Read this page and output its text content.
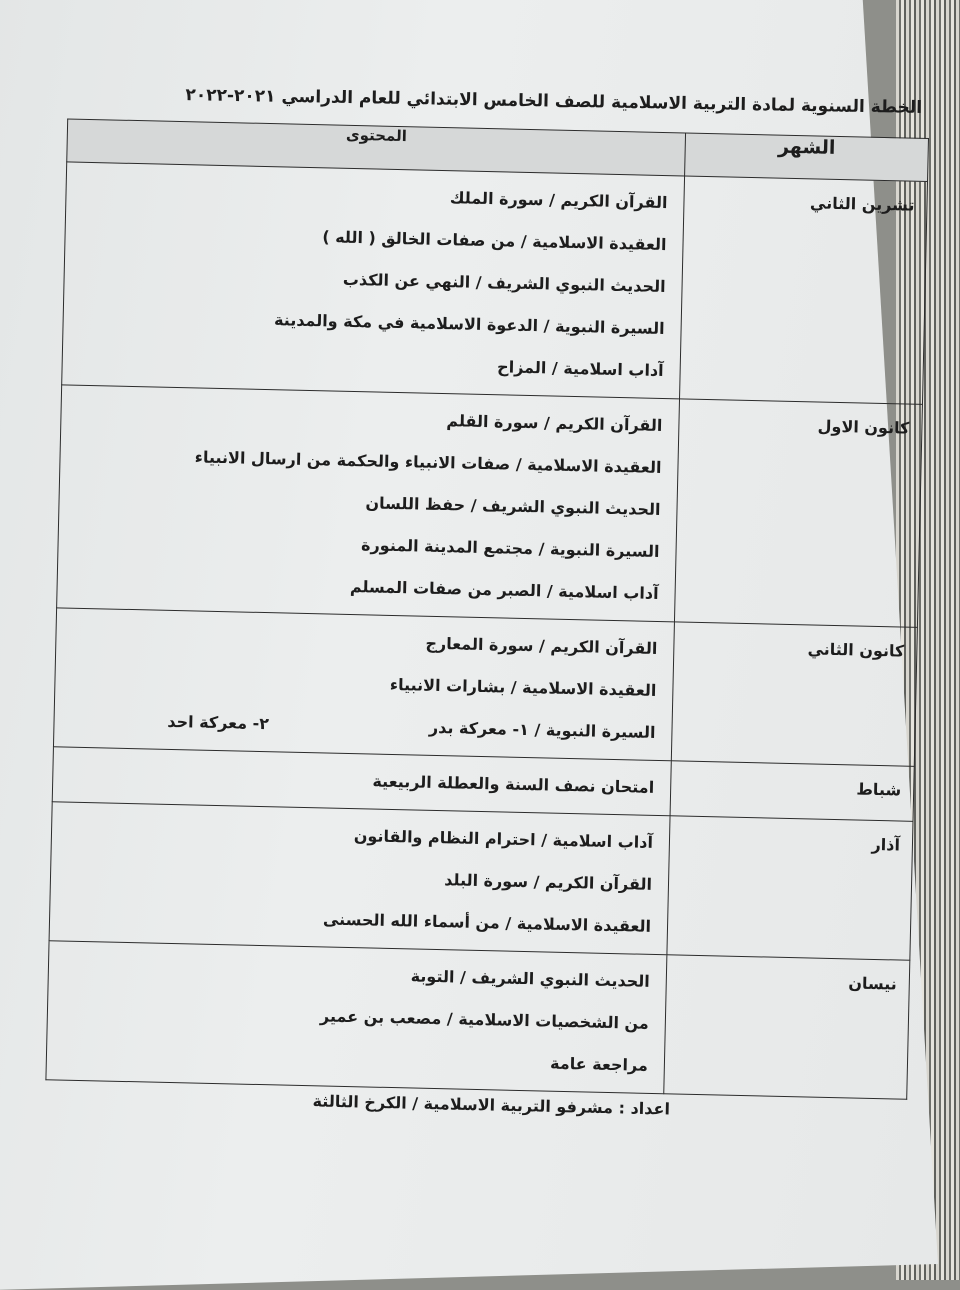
الخطة السنوية لمادة التربية الاسلامية للصف الخامس الابتدائي للعام الدراسي ٢٠٢١-٢٠٢٢
الشهر	المحتوى
تشرين الثاني	القرآن الكريم / سورة الملك
العقيدة الاسلامية / من صفات الخالق ( الله )
الحديث النبوي الشريف / النهي عن الكذب
السيرة النبوية / الدعوة الاسلامية في مكة والمدينة
آداب اسلامية / المزاح

كانون الاول	القرآن الكريم / سورة القلم
العقيدة الاسلامية / صفات الانبياء والحكمة من ارسال الانبياء
الحديث النبوي الشريف / حفظ اللسان
السيرة النبوية / مجتمع المدينة المنورة
آداب اسلامية / الصبر من صفات المسلم

كانون الثاني	القرآن الكريم / سورة المعارج
العقيدة الاسلامية / بشارات الانبياء
السيرة النبوية / ١- معركة بدر٢- معركة احد

شباط	امتحان نصف السنة والعطلة الربيعية

آذار	آداب اسلامية / احترام النظام والقانون
القرآن الكريم / سورة البلد
العقيدة الاسلامية / من أسماء الله الحسنى

نيسان	الحديث النبوي الشريف / التوبة
من الشخصيات الاسلامية / مصعب بن عمير
مراجعة عامة
اعداد : مشرفو التربية الاسلامية / الكرخ الثالثة
